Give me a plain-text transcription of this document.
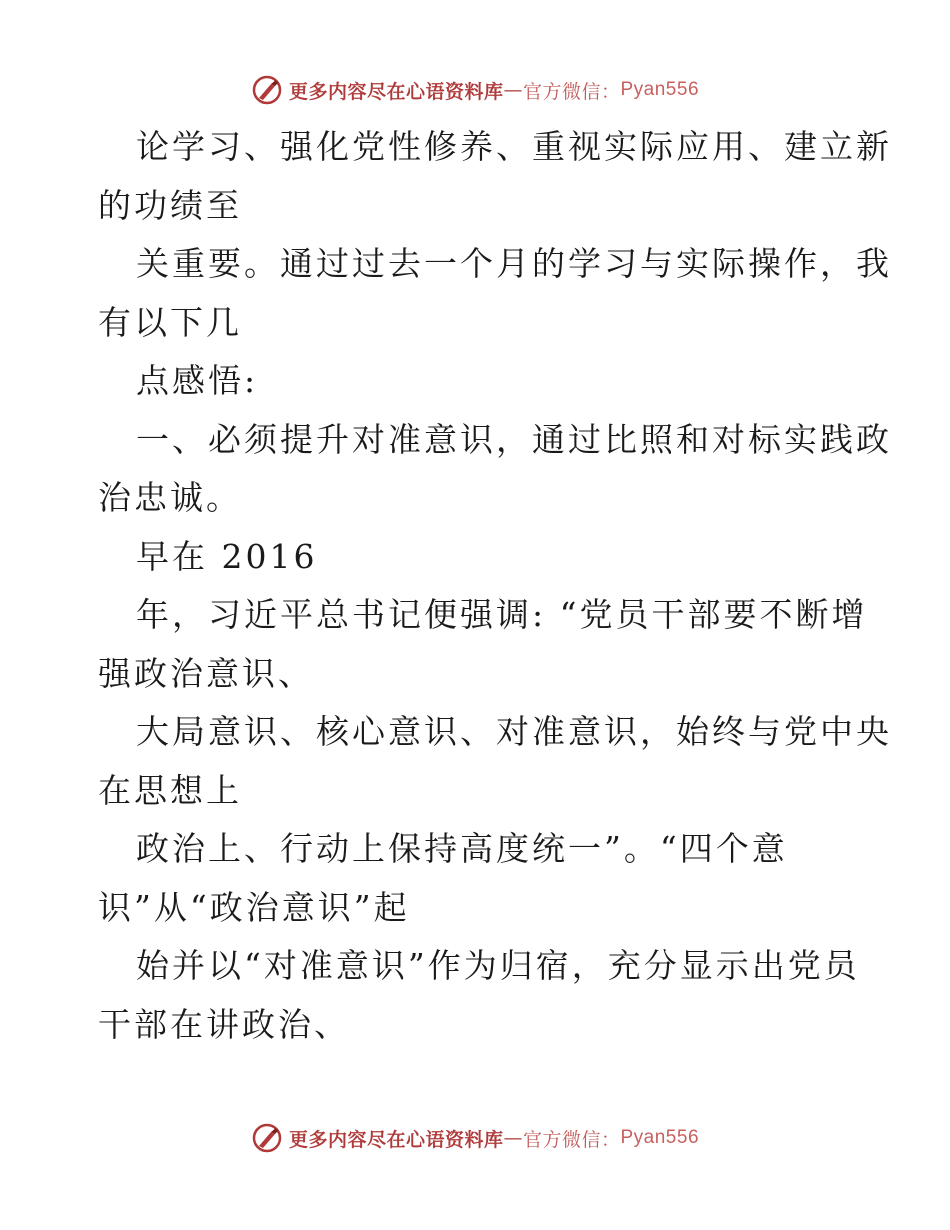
更多内容尽在心语资料库 — 官方微信： Pyan556
论学习、强化党性修养、重视实际应用、建立新
的功绩至
关重要。通过过去一个月的学习与实际操作，我
有以下几
点感悟:
一、必须提升对准意识，通过比照和对标实践政
治忠诚。
早在 2016
年，习近平总书记便强调: “党员干部要不断增
强政治意识、
大局意识、核心意识、对准意识，始终与党中央
在思想上
政治上、行动上保持高度统一”。“四个意
识”从“政治意识”起
始并以“对准意识”作为归宿，充分显示出党员
干部在讲政治、
更多内容尽在心语资料库 — 官方微信： Pyan556
